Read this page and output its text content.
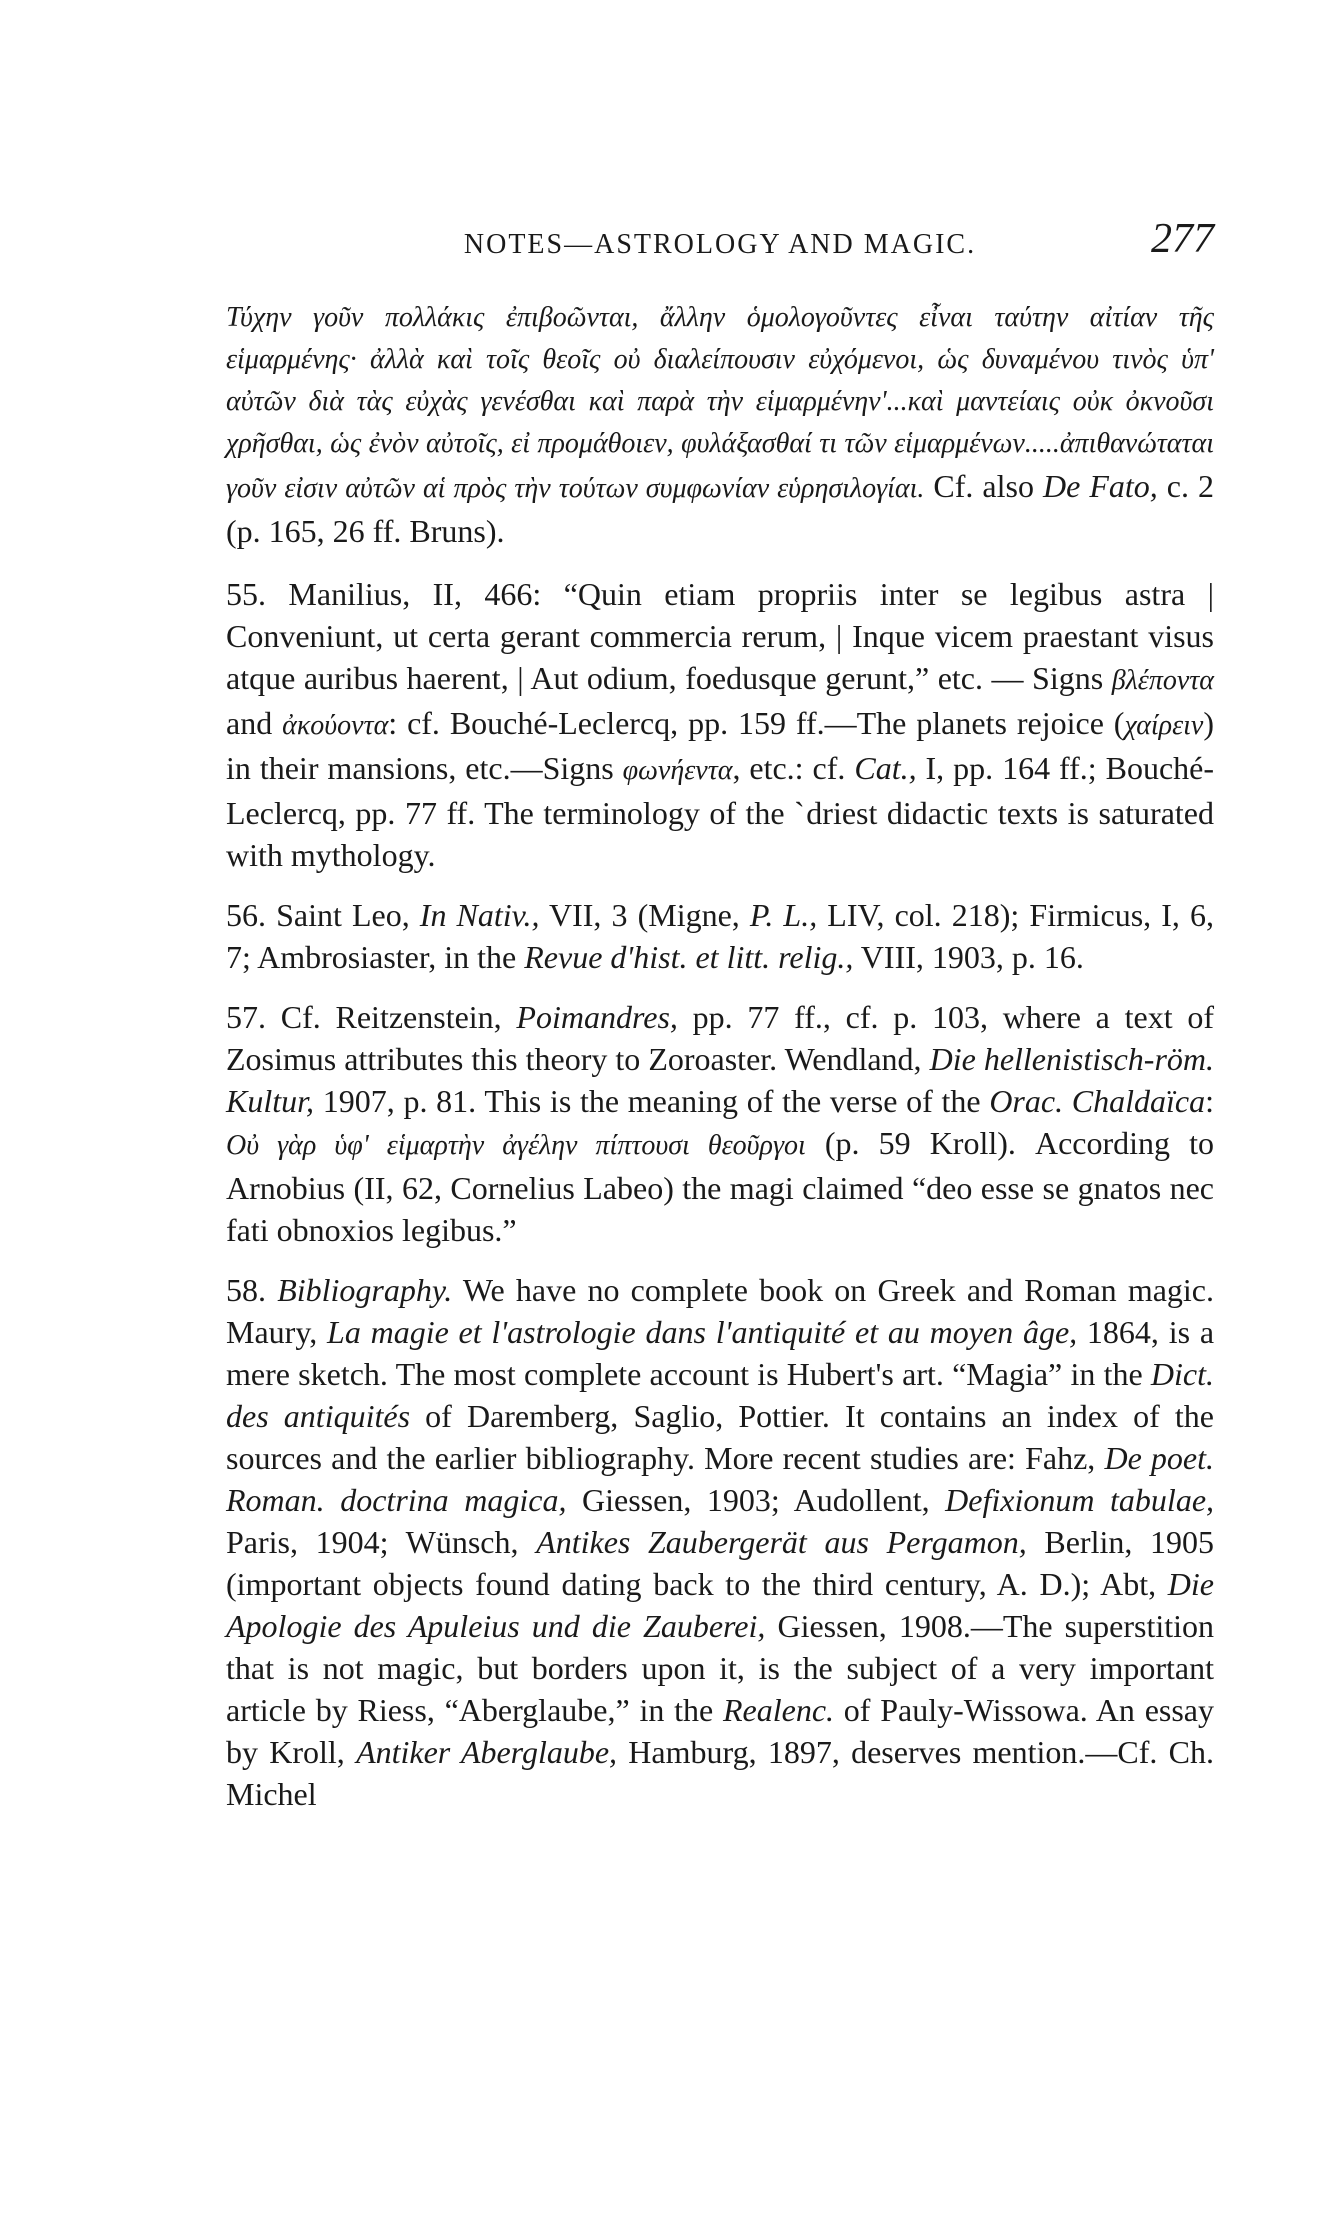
NOTES—ASTROLOGY AND MAGIC.	277

Τύχην γοῦν πολλάκις ἐπιβοῶνται, ἄλλην ὁμολογοῦντες εἶναι ταύτην αἰτίαν τῆς εἱμαρμένης· ἀλλὰ καὶ τοῖς θεοῖς οὐ διαλείπουσιν εὐχόμενοι, ὡς δυναμένου τινὸς ὑπ' αὐτῶν διὰ τὰς εὐχὰς γενέσθαι καὶ παρὰ τὴν εἱμαρμένην'...καὶ μαντείαις οὐκ ὀκνοῦσι χρῆσθαι, ὡς ἐνὸν αὐτοῖς, εἰ προμάθοιεν, φυλάξασθαί τι τῶν εἱμαρμένων.....ἀπιθανώταται γοῦν εἰσιν αὐτῶν αἱ πρὸς τὴν τούτων συμφωνίαν εὑρησιλογίαι. Cf. also De Fato, c. 2 (p. 165, 26 ff. Bruns).

55. Manilius, II, 466: “Quin etiam propriis inter se legibus astra | Conveniunt, ut certa gerant commercia rerum, | Inque vicem praestant visus atque auribus haerent, | Aut odium, foedusque gerunt,” etc. — Signs βλέποντα and ἀκούοντα: cf. Bouché-Leclercq, pp. 159 ff.—The planets rejoice (χαίρειν) in their mansions, etc.—Signs φωνήεντα, etc.: cf. Cat., I, pp. 164 ff.; Bouché-Leclercq, pp. 77 ff. The terminology of the ˋdriest didactic texts is saturated with mythology.

56. Saint Leo, In Nativ., VII, 3 (Migne, P. L., LIV, col. 218); Firmicus, I, 6, 7; Ambrosiaster, in the Revue d'hist. et litt. relig., VIII, 1903, p. 16.

57. Cf. Reitzenstein, Poimandres, pp. 77 ff., cf. p. 103, where a text of Zosimus attributes this theory to Zoroaster. Wendland, Die hellenistisch-röm. Kultur, 1907, p. 81. This is the meaning of the verse of the Orac. Chaldaïca: Οὐ γὰρ ὑφ' εἱμαρτὴν ἀγέλην πίπτουσι θεοῦργοι (p. 59 Kroll). According to Arnobius (II, 62, Cornelius Labeo) the magi claimed “deo esse se gnatos nec fati obnoxios legibus.”

58. Bibliography. We have no complete book on Greek and Roman magic. Maury, La magie et l'astrologie dans l'antiquité et au moyen âge, 1864, is a mere sketch. The most complete account is Hubert's art. “Magia” in the Dict. des antiquités of Daremberg, Saglio, Pottier. It contains an index of the sources and the earlier bibliography. More recent studies are: Fahz, De poet. Roman. doctrina magica, Giessen, 1903; Audollent, Defixionum tabulae, Paris, 1904; Wünsch, Antikes Zaubergerät aus Pergamon, Berlin, 1905 (important objects found dating back to the third century, A. D.); Abt, Die Apologie des Apuleius und die Zauberei, Giessen, 1908.—The superstition that is not magic, but borders upon it, is the subject of a very important article by Riess, “Aberglaube,” in the Realenc. of Pauly-Wissowa. An essay by Kroll, Antiker Aberglaube, Hamburg, 1897, deserves mention.—Cf. Ch. Michel
